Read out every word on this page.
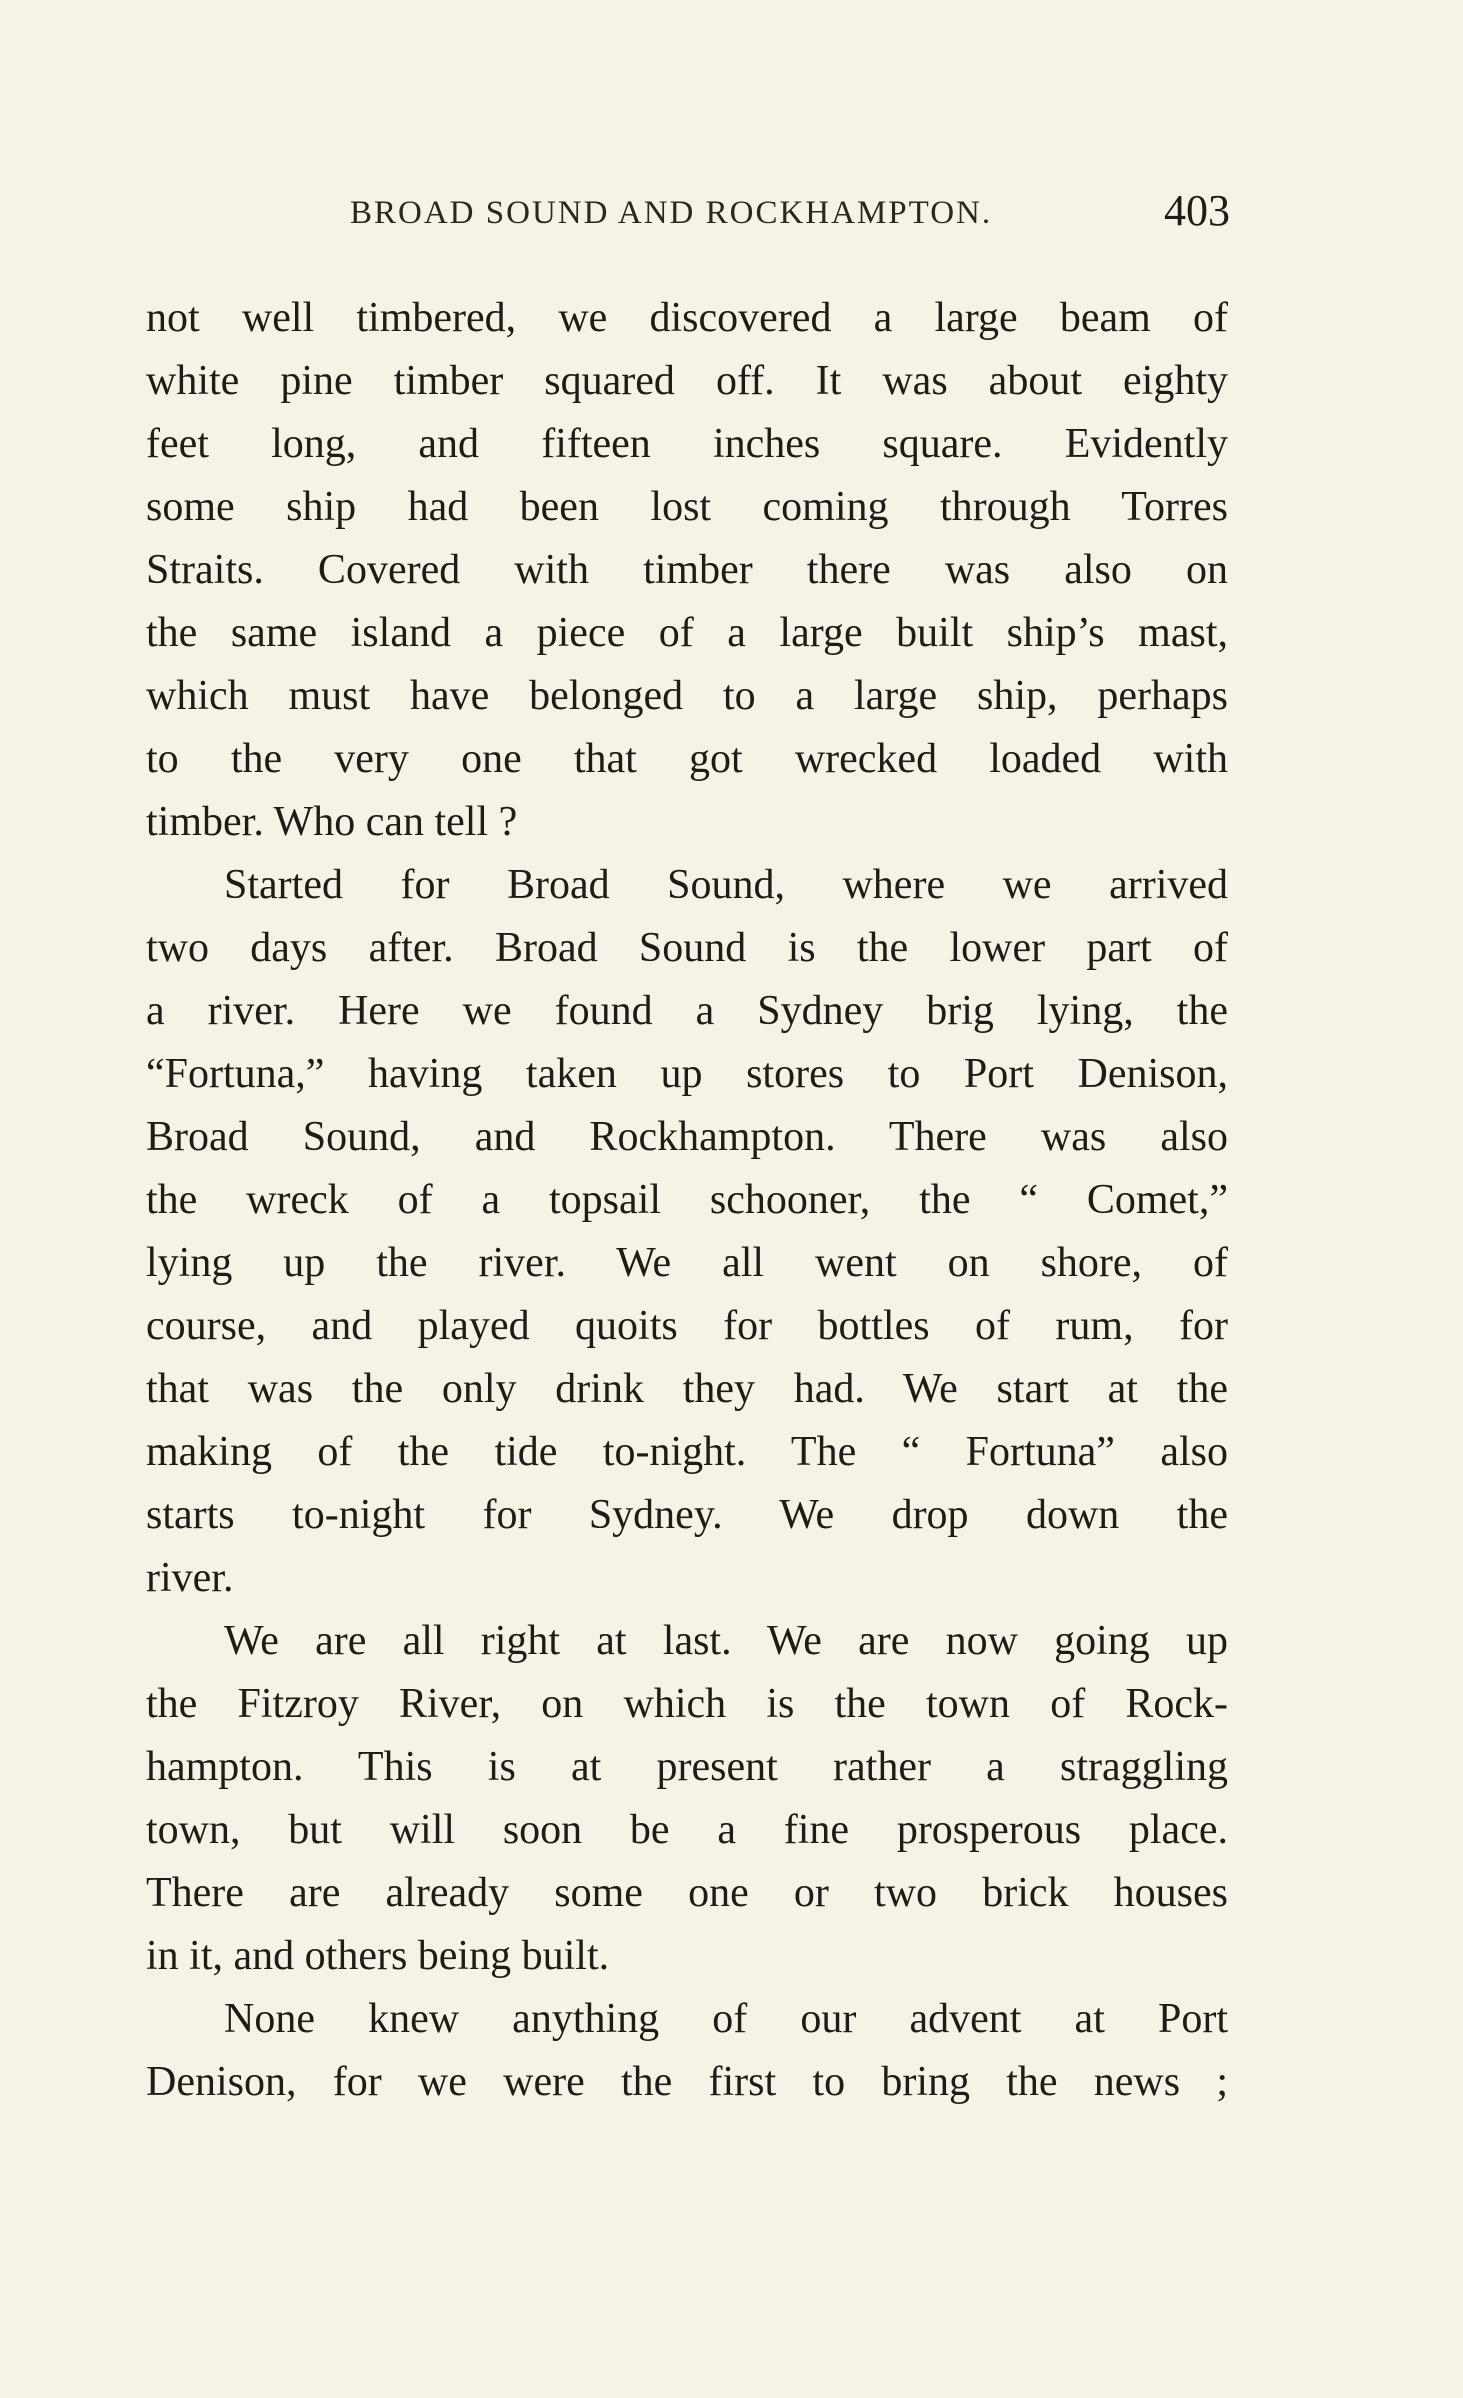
BROAD SOUND AND ROCKHAMPTON.	403
not well timbered, we discovered a large beam of
white pine timber squared off. It was about eighty
feet long, and fifteen inches square. Evidently
some ship had been lost coming through Torres
Straits. Covered with timber there was also on
the same island a piece of a large built ship’s mast,
which must have belonged to a large ship, perhaps
to the very one that got wrecked loaded with
timber. Who can tell ?
Started for Broad Sound, where we arrived
two days after. Broad Sound is the lower part of
a river. Here we found a Sydney brig lying, the
“Fortuna,” having taken up stores to Port Denison,
Broad Sound, and Rockhampton. There was also
the wreck of a topsail schooner, the “ Comet,”
lying up the river. We all went on shore, of
course, and played quoits for bottles of rum, for
that was the only drink they had. We start at the
making of the tide to-night. The “ Fortuna” also
starts to-night for Sydney. We drop down the
river.
We are all right at last. We are now going up
the Fitzroy River, on which is the town of Rock-
hampton. This is at present rather a straggling
town, but will soon be a fine prosperous place.
There are already some one or two brick houses
in it, and others being built.
None knew anything of our advent at Port
Denison, for we were the first to bring the news ;
